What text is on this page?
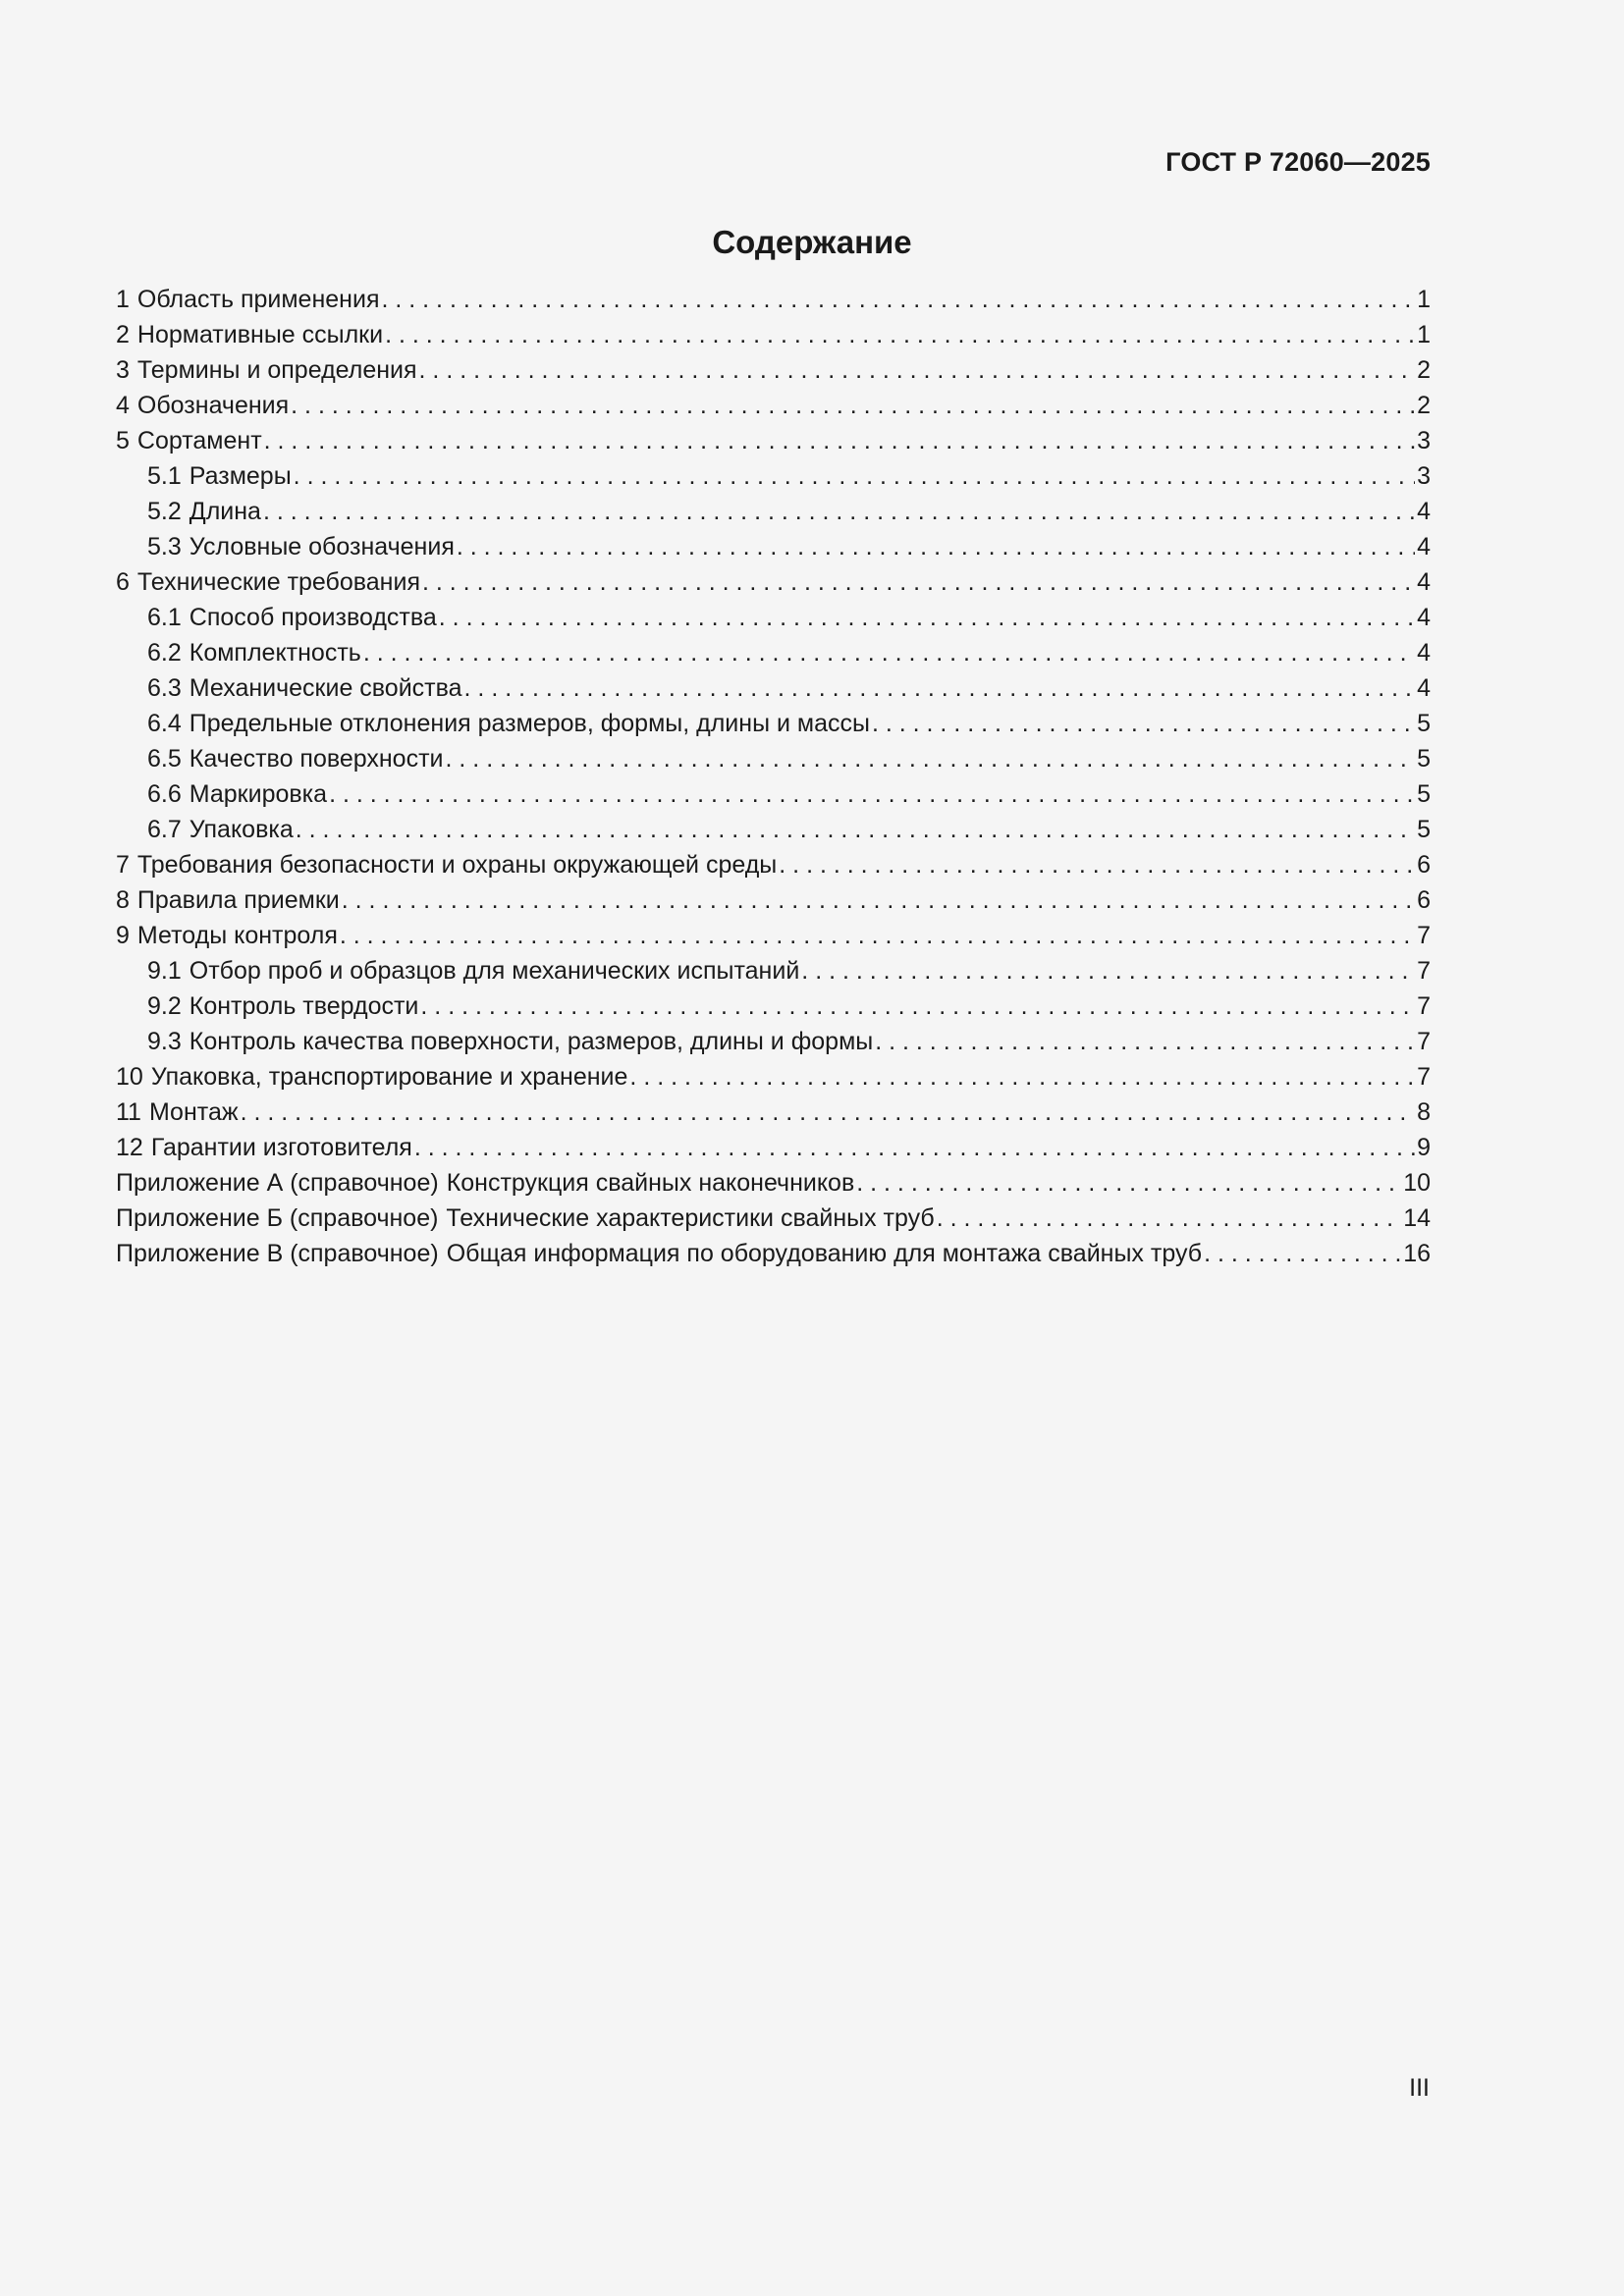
ГОСТ Р 72060—2025
Содержание
1 Область применения . . .	1
2 Нормативные ссылки . . .	1
3 Термины и определения . . .	2
4 Обозначения . . .	2
5 Сортамент . . .	3
5.1 Размеры . . .	3
5.2 Длина . . .	4
5.3 Условные обозначения . . .	4
6 Технические требования . . .	4
6.1 Способ производства . . .	4
6.2 Комплектность . . .	4
6.3 Механические свойства . . .	4
6.4 Предельные отклонения размеров, формы, длины и массы . . .	5
6.5 Качество поверхности . . .	5
6.6 Маркировка . . .	5
6.7 Упаковка . . .	5
7 Требования безопасности и охраны окружающей среды . . .	6
8 Правила приемки . . .	6
9 Методы контроля . . .	7
9.1 Отбор проб и образцов для механических испытаний . . .	7
9.2 Контроль твердости . . .	7
9.3 Контроль качества поверхности, размеров, длины и формы . . .	7
10 Упаковка, транспортирование и хранение . . .	7
11 Монтаж . . .	8
12 Гарантии изготовителя . . .	9
Приложение А (справочное) Конструкция свайных наконечников . . .	10
Приложение Б (справочное) Технические характеристики свайных труб . . .	14
Приложение В (справочное) Общая информация по оборудованию для монтажа свайных труб . . .	16
III
